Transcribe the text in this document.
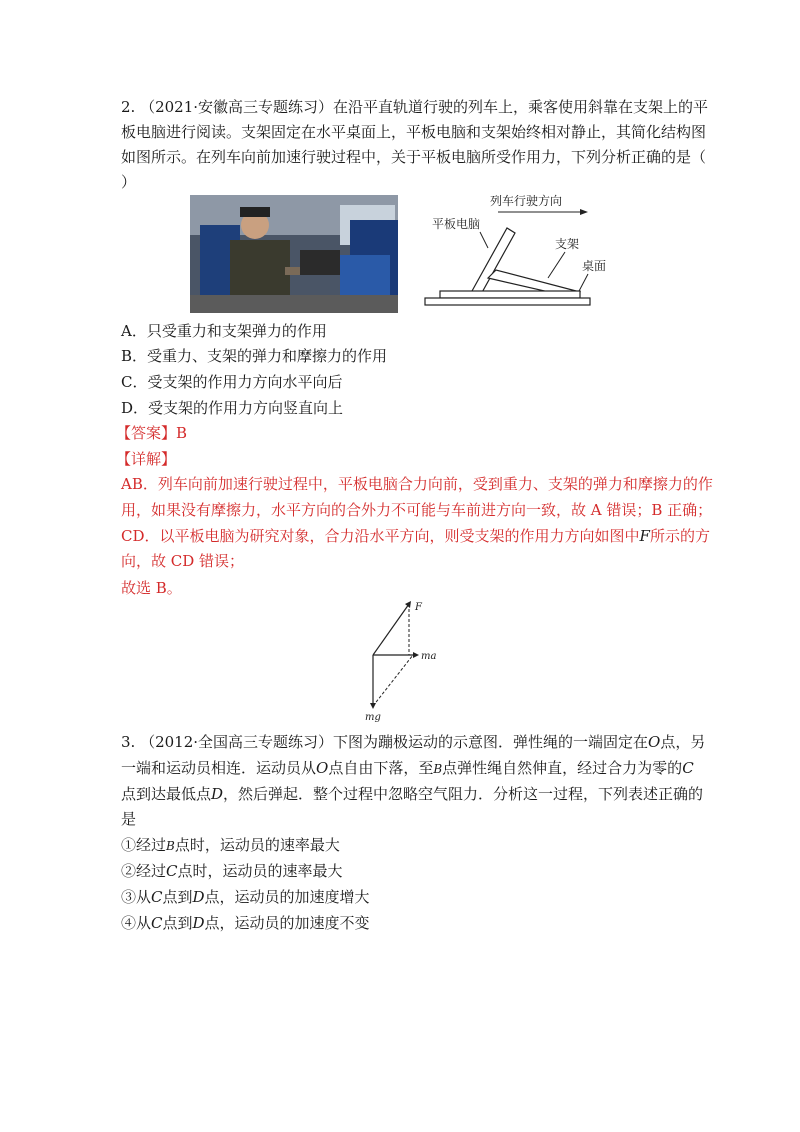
2. （2021·安徽高三专题练习）在沿平直轨道行驶的列车上，乘客使用斜靠在支架上的平
板电脑进行阅读。支架固定在水平桌面上，平板电脑和支架始终相对静止，其简化结构图
如图所示。在列车向前加速行驶过程中，关于平板电脑所受作用力，下列分析正确的是（
）
列车行驶方向
平板电脑
支架
桌面
A．只受重力和支架弹力的作用
B．受重力、支架的弹力和摩擦力的作用
C．受支架的作用力方向水平向后
D．受支架的作用力方向竖直向上
【答案】B
【详解】
AB．列车向前加速行驶过程中，平板电脑合力向前，受到重力、支架的弹力和摩擦力的作
用，如果没有摩擦力，水平方向的合外力不可能与车前进方向一致，故 A 错误；B 正确；
CD．以平板电脑为研究对象，合力沿水平方向，则受支架的作用力方向如图中F所示的方
向，故 CD 错误；
故选 B。
F
ma
mg
3. （2012·全国高三专题练习）下图为蹦极运动的示意图．弹性绳的一端固定在O点，另
一端和运动员相连．运动员从O点自由下落，至B点弹性绳自然伸直，经过合力为零的C
点到达最低点D，然后弹起．整个过程中忽略空气阻力．分析这一过程，下列表述正确的
是
①经过B点时，运动员的速率最大
②经过C点时，运动员的速率最大
③从C点到D点，运动员的加速度增大
④从C点到D点，运动员的加速度不变
